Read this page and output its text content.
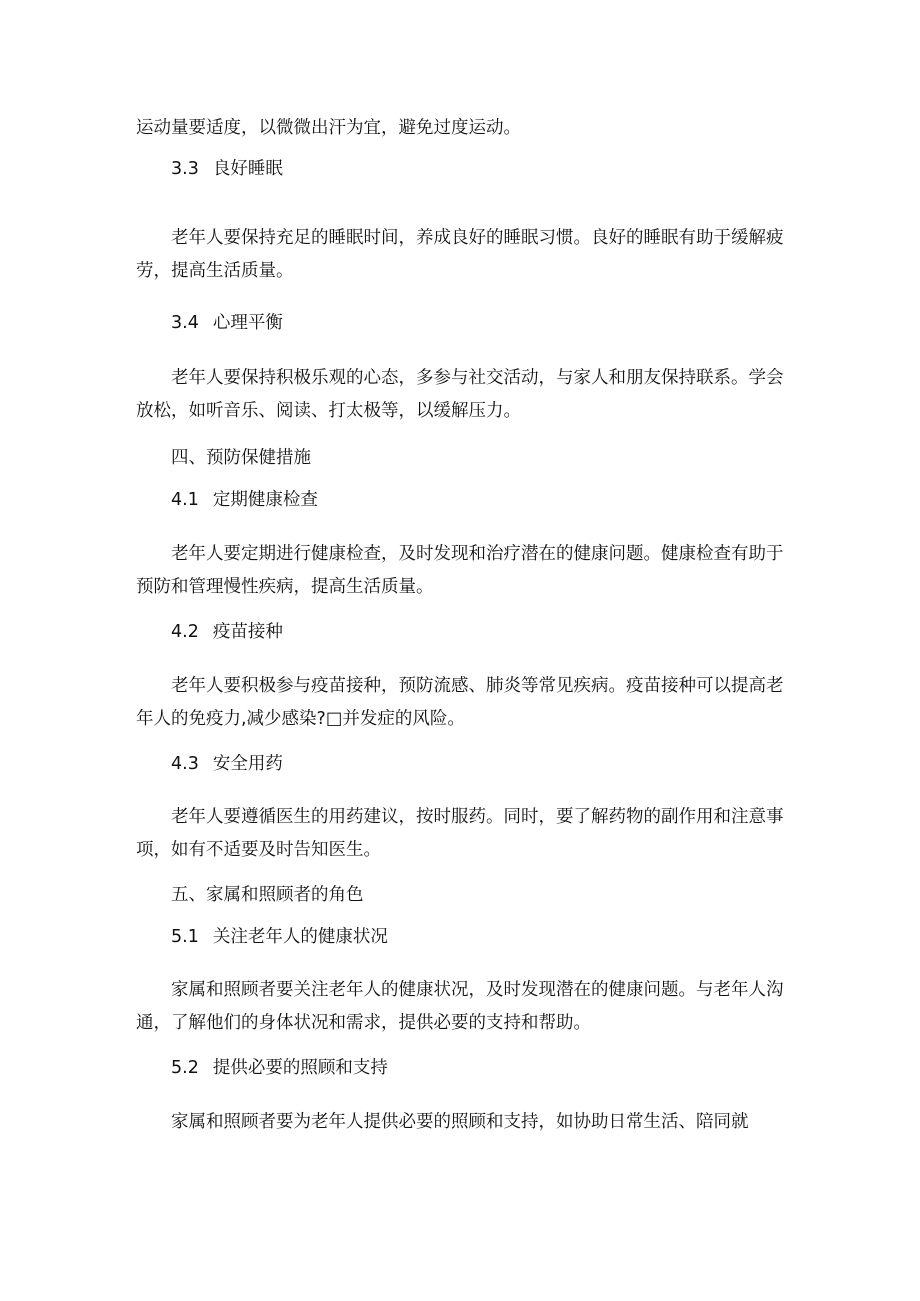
运动量要适度，以微微出汗为宜，避免过度运动。

3.3 良好睡眠

老年人要保持充足的睡眠时间，养成良好的睡眠习惯。良好的睡眠有助于缓解疲劳，提高生活质量。

3.4 心理平衡

老年人要保持积极乐观的心态，多参与社交活动，与家人和朋友保持联系。学会放松，如听音乐、阅读、打太极等，以缓解压力。

四、预防保健措施
4.1 定期健康检查

老年人要定期进行健康检查，及时发现和治疗潜在的健康问题。健康检查有助于预防和管理慢性疾病，提高生活质量。

4.2 疫苗接种

老年人要积极参与疫苗接种，预防流感、肺炎等常见疾病。疫苗接种可以提高老年人的免疫力,减少感染?□并发症的风险。

4.3 安全用药

老年人要遵循医生的用药建议，按时服药。同时，要了解药物的副作用和注意事项，如有不适要及时告知医生。

五、家属和照顾者的角色
5.1 关注老年人的健康状况

家属和照顾者要关注老年人的健康状况，及时发现潜在的健康问题。与老年人沟通，了解他们的身体状况和需求，提供必要的支持和帮助。

5.2 提供必要的照顾和支持

家属和照顾者要为老年人提供必要的照顾和支持，如协助日常生活、陪同就
